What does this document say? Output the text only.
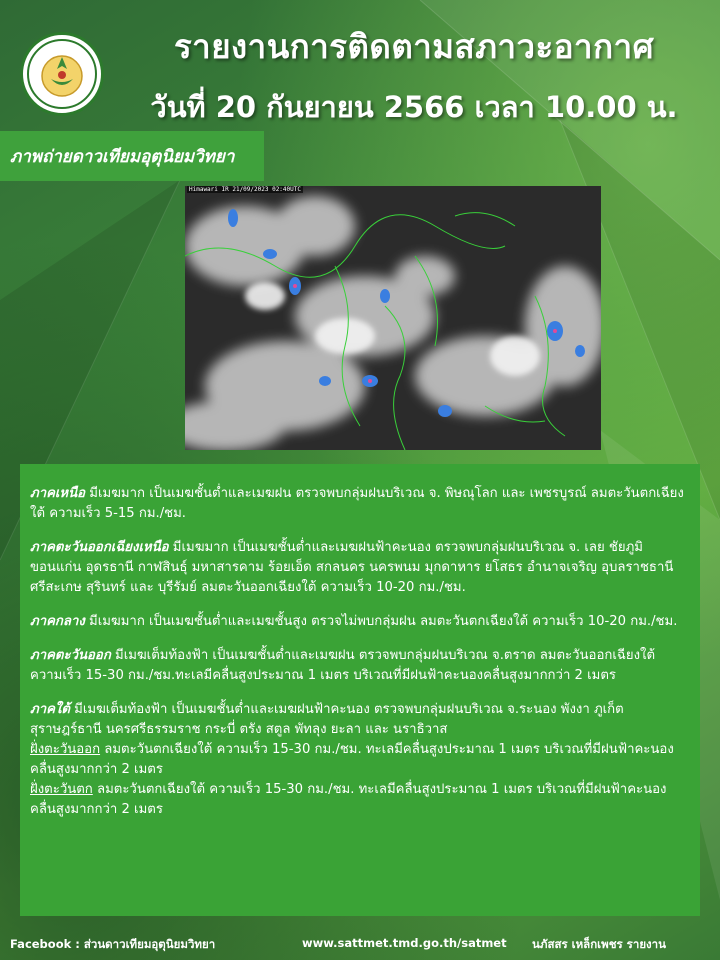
รายงานการติดตามสภาวะอากาศ
วันที่ 20 กันยายน 2566 เวลา 10.00 น.
ภาพถ่ายดาวเทียมอุตุนิยมวิทยา
Himawari IR 21/09/2023 02:40UTC
ภาคเหนือ มีเมฆมาก เป็นเมฆชั้นต่ำและเมฆฝน ตรวจพบกลุ่มฝนบริเวณ จ. พิษณุโลก และ เพชรบูรณ์ ลมตะวันตกเฉียงใต้ ความเร็ว 5-15 กม./ชม.
ภาคตะวันออกเฉียงเหนือ มีเมฆมาก เป็นเมฆชั้นต่ำและเมฆฝนฟ้าคะนอง ตรวจพบกลุ่มฝนบริเวณ จ. เลย ชัยภูมิ ขอนแก่น อุดรธานี กาฬสินธุ์ มหาสารคาม ร้อยเอ็ด สกลนคร นครพนม มุกดาหาร ยโสธร อำนาจเจริญ อุบลราชธานี ศรีสะเกษ สุรินทร์ และ บุรีรัมย์ ลมตะวันออกเฉียงใต้ ความเร็ว 10-20 กม./ชม.
ภาคกลาง มีเมฆมาก เป็นเมฆชั้นต่ำและเมฆชั้นสูง ตรวจไม่พบกลุ่มฝน ลมตะวันตกเฉียงใต้ ความเร็ว 10-20 กม./ชม.
ภาคตะวันออก มีเมฆเต็มท้องฟ้า เป็นเมฆชั้นต่ำและเมฆฝน ตรวจพบกลุ่มฝนบริเวณ จ.ตราด ลมตะวันออกเฉียงใต้ ความเร็ว 15-30 กม./ชม.ทะเลมีคลื่นสูงประมาณ 1 เมตร บริเวณที่มีฝนฟ้าคะนองคลื่นสูงมากกว่า 2 เมตร
ภาคใต้ มีเมฆเต็มท้องฟ้า เป็นเมฆชั้นต่ำและเมฆฝนฟ้าคะนอง ตรวจพบกลุ่มฝนบริเวณ จ.ระนอง พังงา ภูเก็ต สุราษฎร์ธานี นครศรีธรรมราช กระบี่ ตรัง สตูล พัทลุง ยะลา และ นราธิวาส
ฝั่งตะวันออก ลมตะวันตกเฉียงใต้ ความเร็ว 15-30 กม./ชม. ทะเลมีคลื่นสูงประมาณ 1 เมตร บริเวณที่มีฝนฟ้าคะนองคลื่นสูงมากกว่า 2 เมตร
ฝั่งตะวันตก ลมตะวันตกเฉียงใต้ ความเร็ว 15-30 กม./ชม. ทะเลมีคลื่นสูงประมาณ 1 เมตร บริเวณที่มีฝนฟ้าคะนองคลื่นสูงมากกว่า 2 เมตร
Facebook : ส่วนดาวเทียมอุตุนิยมวิทยา	www.sattmet.tmd.go.th/satmet นภัสสร เหล็กเพชร รายงาน
